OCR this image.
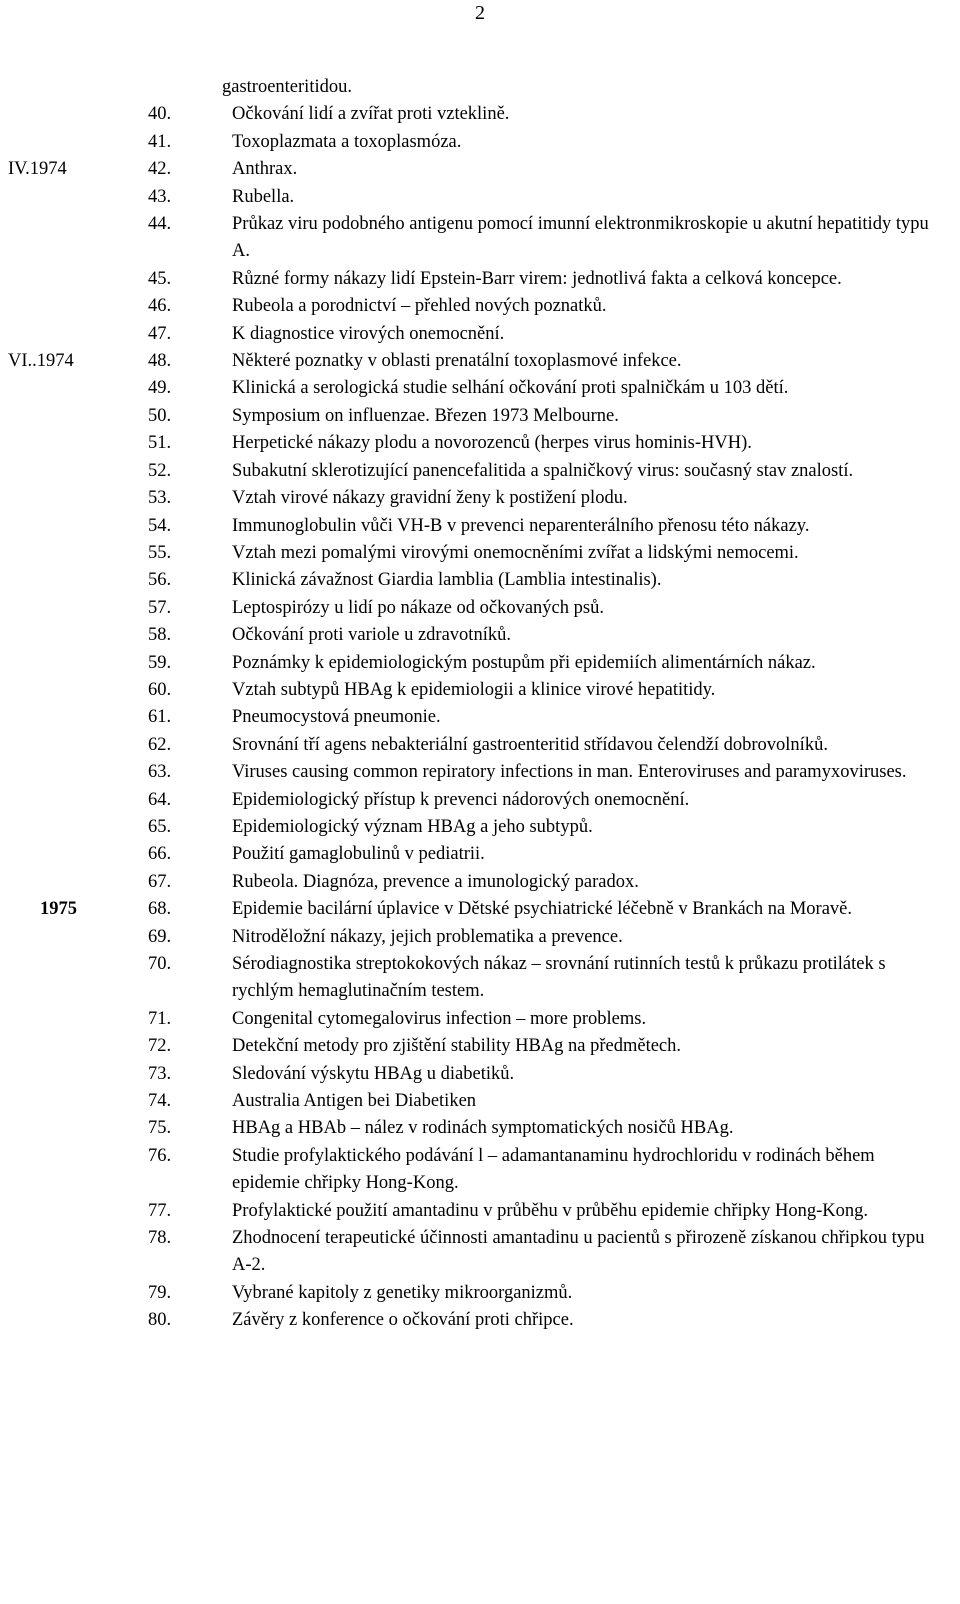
2
gastroenteritidou.
40.	Očkování lidí a zvířat proti vzteklině.
41.	Toxoplazmata a toxoplasmóza.
IV.1974	42.	Anthrax.
43.	Rubella.
44.	Průkaz viru podobného antigenu pomocí imunní elektronmikroskopie u akutní hepatitidy typu A.
45.	Různé formy nákazy lidí Epstein-Barr virem: jednotlivá fakta a celková koncepce.
46.	Rubeola a porodnictví – přehled nových poznatků.
47.	K diagnostice virových onemocnění.
VI..1974	48.	Některé poznatky v oblasti prenatální toxoplasmové infekce.
49.	Klinická a serologická studie selhání očkování proti spalničkám u 103 dětí.
50.	Symposium on influenzae. Březen 1973 Melbourne.
51.	Herpetické nákazy plodu a novorozenců (herpes virus hominis-HVH).
52.	Subakutní sklerotizující panencefalitida a spalničkový virus: současný stav znalostí.
53.	Vztah virové nákazy gravidní ženy k postižení plodu.
54.	Immunoglobulin vůči VH-B v prevenci neparenterálního přenosu této nákazy.
55.	Vztah mezi pomalými virovými onemocněními zvířat a lidskými nemocemi.
56.	Klinická závažnost Giardia lamblia (Lamblia intestinalis).
57.	Leptospirózy u lidí po nákaze od očkovaných psů.
58.	Očkování proti variole u zdravotníků.
59.	Poznámky k epidemiologickým postupům při epidemiích alimentárních nákaz.
60.	Vztah subtypů HBAg k epidemiologii a klinice virové hepatitidy.
61.	Pneumocystová pneumonie.
62.	Srovnání tří agens nebakteriální gastroenteritid střídavou čelendží dobrovolníků.
63.	Viruses causing common repiratory infections in man. Enteroviruses and paramyxoviruses.
64.	Epidemiologický přístup k prevenci nádorových onemocnění.
65.	Epidemiologický význam HBAg a jeho subtypů.
66.	Použití gamaglobulinů v pediatrii.
67.	Rubeola. Diagnóza, prevence a imunologický paradox.
1975	68.	Epidemie bacilární úplavice v Dětské psychiatrické léčebně v Brankách na Moravě.
69.	Nitroděložní nákazy, jejich problematika a prevence.
70.	Sérodiagnostika streptokokových nákaz – srovnání rutinních testů k průkazu protilátek s rychlým hemaglutinačním testem.
71.	Congenital cytomegalovirus infection – more problems.
72.	Detekční metody pro zjištění stability HBAg na předmětech.
73.	Sledování výskytu HBAg u diabetiků.
74.	Australia Antigen bei Diabetiken
75.	HBAg a HBAb – nález v rodinách symptomatických nosičů HBAg.
76.	Studie profylaktického podávání l – adamantanaminu hydrochloridu v rodinách během epidemie chřipky Hong-Kong.
77.	Profylaktické použití amantadinu v průběhu v průběhu epidemie chřipky Hong-Kong.
78.	Zhodnocení terapeutické účinnosti amantadinu u pacientů s přirozeně získanou chřipkou typu A-2.
79.	Vybrané kapitoly z genetiky mikroorganizmů.
80.	Závěry z konference o očkování proti chřipce.
